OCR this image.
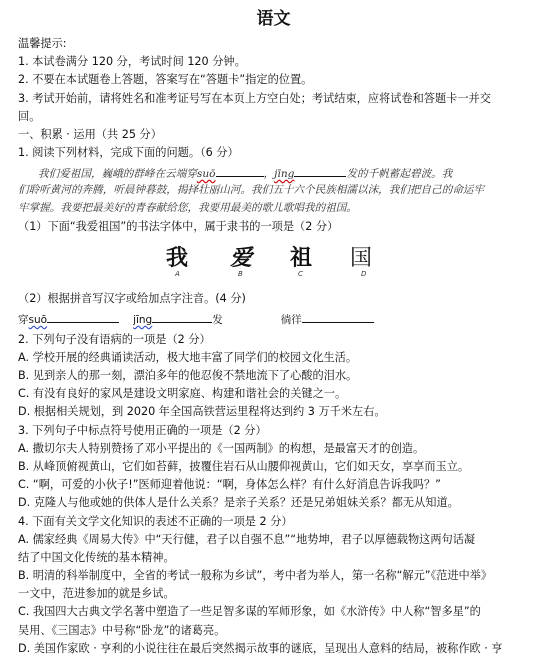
语文
温馨提示:
1. 本试卷满分 120 分，考试时间 120 分钟。
2. 不要在本试题卷上答题，答案写在“答题卡”指定的位置。
3. 考试开始前，请将姓名和准考证号写在本页上方空白处；考试结束，应将试卷和答题卡一并交
回。
一、积累 · 运用（共 25 分）
1. 阅读下列材料，完成下面的问题。（6 分）
我们爱祖国，巍峨的群峰在云端穿suō	，jīng	发的千帆蓄起碧波。我
们聆听黄河的奔腾，听晨钟暮鼓，揭择壮丽山河。我们五十六个民族相濡以沫，我们把自己的命运牢
牢掌握。我要把最美好的青春献给您，我要用最美的歌儿歌唱我的祖国。
（1）下面“我爱祖国”的书法字体中，属于隶书的一项是（2 分）
我 爱 祖 国
A	B	C	D
（2）根据拼音写汉字或给加点字注音。(4 分)
穿suō	jīng	发	徜徉
2. 下列句子没有语病的一项是（2 分）
A. 学校开展的经典诵读活动，极大地丰富了同学们的校园文化生活。
B. 见到亲人的那一刻，漂泊多年的他忍俊不禁地流下了心酸的泪水。
C. 有没有良好的家风是建设文明家庭、构建和谐社会的关键之一。
D. 根据相关规划，到 2020 年全国高铁营运里程将达到约 3 万千米左右。
3. 下列句子中标点符号使用正确的一项是（2 分）
A. 撒切尔夫人特别赞扬了邓小平提出的《一国两制》的构想，是最富天才的创造。
B. 从峰顶俯视黄山，它们如苔藓，披覆住岩石从山腰仰视黄山，它们如天女，享享而玉立。
C. “啊，可爱的小伙子!”医师迎着他说：“啊，身体怎么样？有什么好消息告诉我吗？”
D. 克隆人与他或她的供体人是什么关系？是亲子关系？还是兄弟姐妹关系？都无从知道。
4. 下面有关文学文化知识的表述不正确的一项是 2 分）
A. 儒家经典《周易大传》中“天行健，君子以自强不息”“地势坤，君子以厚德载物这两句话凝
结了中国文化传统的基本精神。
B. 明清的科举制度中，全省的考试一般称为乡试”，考中者为举人，第一名称“解元”《范进中举》
一文中，范进参加的就是乡试。
C. 我国四大古典文学名著中塑造了一些足智多谋的军师形象，如《水浒传》中人称“智多星”的
吴用、《三国志》中号称“卧龙”的诸葛亮。
D. 美国作家欧 · 亨利的小说往往在最后突然揭示故事的谜底，呈现出人意料的结局，被称作欧 · 亨
